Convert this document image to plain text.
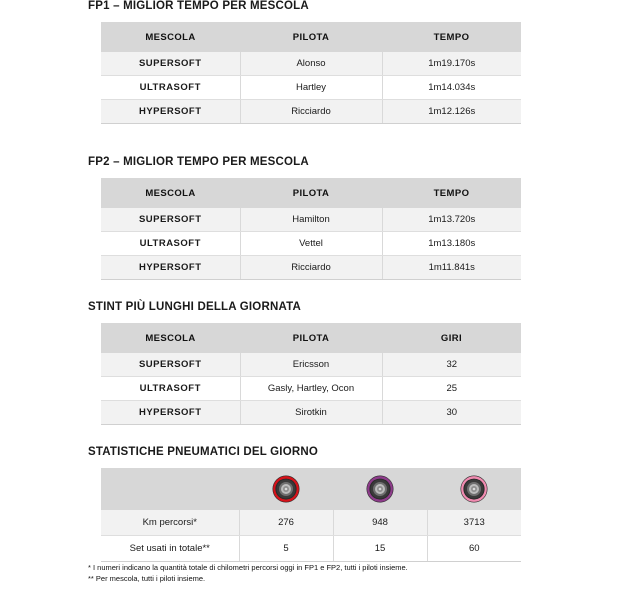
FP1 – MIGLIOR TEMPO PER MESCOLA
MESCOLA	PILOTA	TEMPO
SUPERSOFT	Alonso	1m19.170s
ULTRASOFT	Hartley	1m14.034s
HYPERSOFT	Ricciardo	1m12.126s
FP2 – MIGLIOR TEMPO PER MESCOLA
MESCOLA	PILOTA	TEMPO
SUPERSOFT	Hamilton	1m13.720s
ULTRASOFT	Vettel	1m13.180s
HYPERSOFT	Ricciardo	1m11.841s
STINT PIÙ LUNGHI DELLA GIORNATA
MESCOLA	PILOTA	GIRI
SUPERSOFT	Ericsson	32
ULTRASOFT	Gasly, Hartley, Ocon	25
HYPERSOFT	Sirotkin	30
STATISTICHE PNEUMATICI DEL GIORNO

Km percorsi*	276	948	3713
Set usati in totale**	5	15	60
* I numeri indicano la quantità totale di chilometri percorsi oggi in FP1 e FP2, tutti i piloti insieme.
** Per mescola, tutti i piloti insieme.
